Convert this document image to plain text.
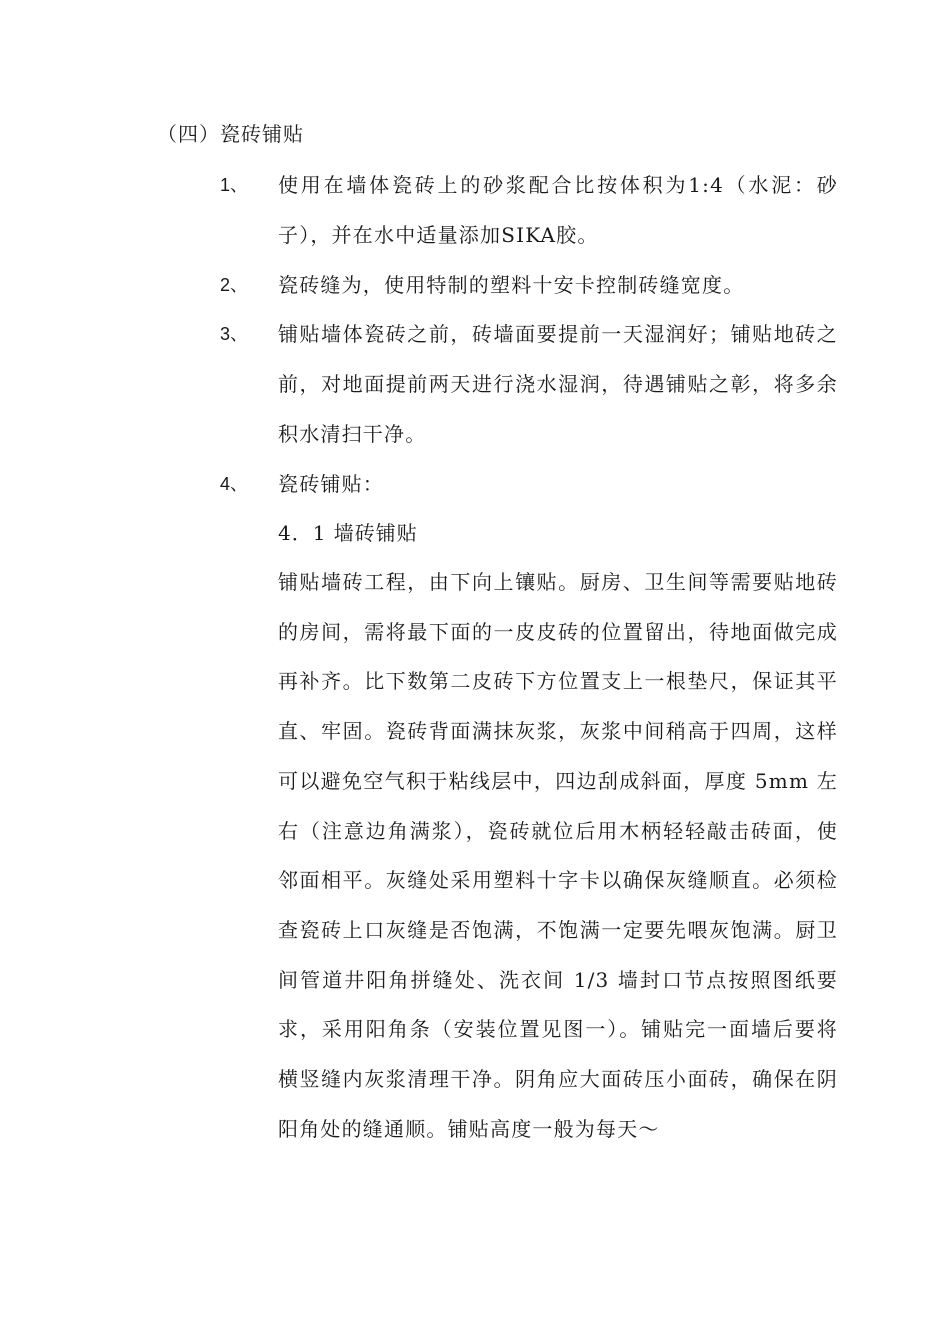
（四）瓷砖铺贴
1、	使用在墙体瓷砖上的砂浆配合比按体积为1:4（水泥：砂子），并在水中适量添加SIKA胶。
2、	瓷砖缝为，使用特制的塑料十安卡控制砖缝宽度。
3、	铺贴墙体瓷砖之前，砖墙面要提前一天湿润好；铺贴地砖之前，对地面提前两天进行浇水湿润，待遇铺贴之彰，将多余积水清扫干净。
4、	瓷砖铺贴：
4．1 墙砖铺贴
铺贴墙砖工程，由下向上镶贴。厨房、卫生间等需要贴地砖的房间，需将最下面的一皮皮砖的位置留出，待地面做完成再补齐。比下数第二皮砖下方位置支上一根垫尺，保证其平直、牢固。瓷砖背面满抹灰浆，灰浆中间稍高于四周，这样可以避免空气积于粘线层中，四边刮成斜面，厚度 5mm 左右（注意边角满浆），瓷砖就位后用木柄轻轻敲击砖面，使邻面相平。灰缝处采用塑料十字卡以确保灰缝顺直。必须检查瓷砖上口灰缝是否饱满，不饱满一定要先喂灰饱满。厨卫间管道井阳角拼缝处、洗衣间 1/3 墙封口节点按照图纸要求，采用阳角条（安装位置见图一）。铺贴完一面墙后要将横竖缝内灰浆清理干净。阴角应大面砖压小面砖，确保在阴阳角处的缝通顺。铺贴高度一般为每天～
